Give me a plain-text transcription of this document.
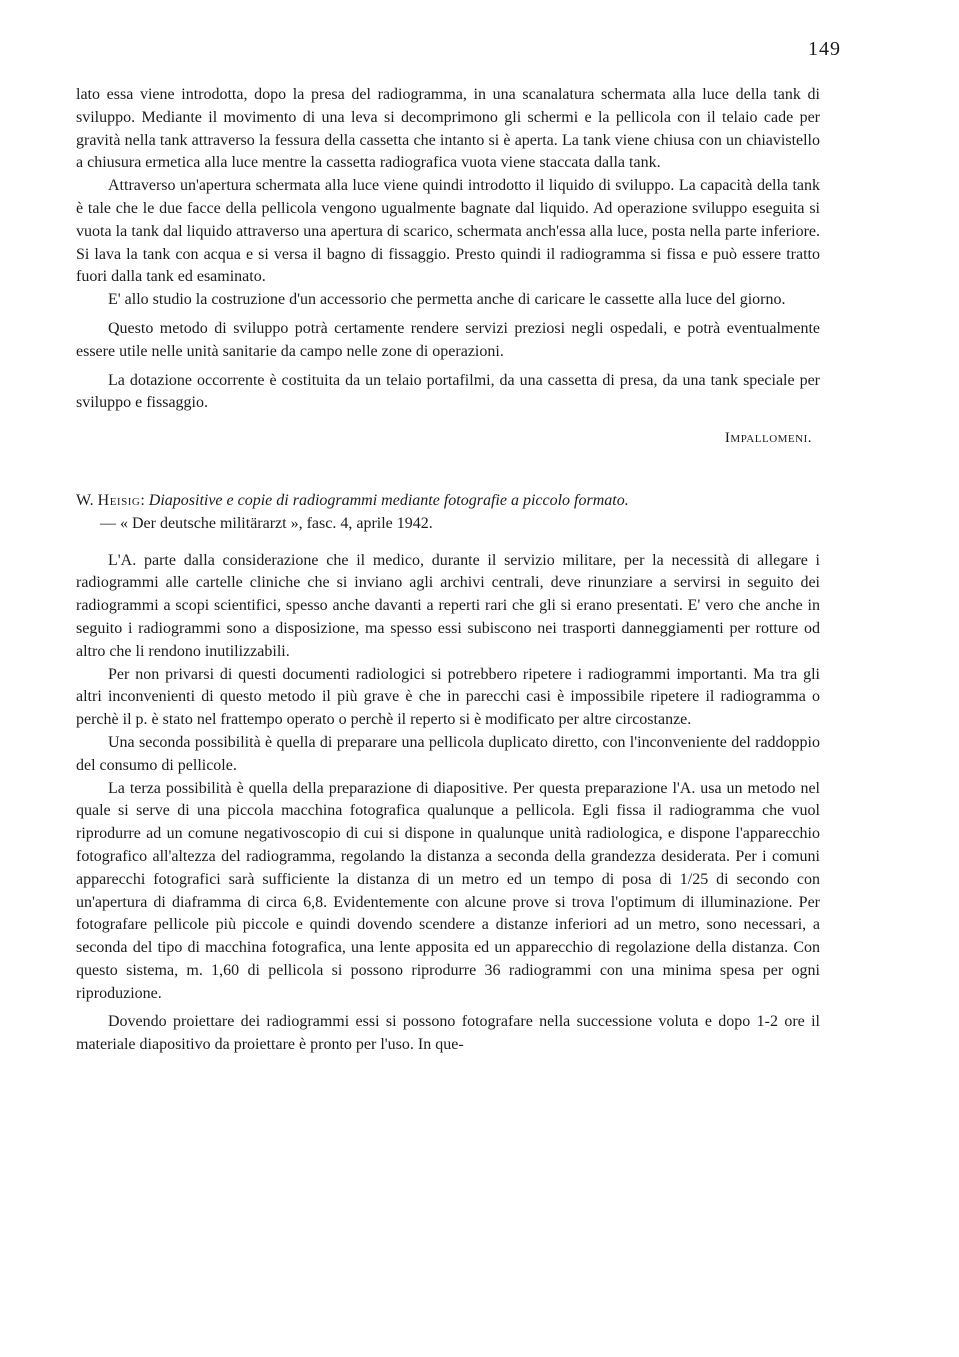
149

lato essa viene introdotta, dopo la presa del radiogramma, in una scanalatura schermata alla luce della tank di sviluppo. Mediante il movimento di una leva si decomprimono gli schermi e la pellicola con il telaio cade per gravità nella tank attraverso la fessura della cassetta che intanto si è aperta. La tank viene chiusa con un chiavistello a chiusura ermetica alla luce mentre la cassetta radiografica vuota viene staccata dalla tank.

Attraverso un'apertura schermata alla luce viene quindi introdotto il liquido di sviluppo. La capacità della tank è tale che le due facce della pellicola vengono ugualmente bagnate dal liquido. Ad operazione sviluppo eseguita si vuota la tank dal liquido attraverso una apertura di scarico, schermata anch'essa alla luce, posta nella parte inferiore. Si lava la tank con acqua e si versa il bagno di fissaggio. Presto quindi il radiogramma si fissa e può essere tratto fuori dalla tank ed esaminato.

E' allo studio la costruzione d'un accessorio che permetta anche di caricare le cassette alla luce del giorno.

Questo metodo di sviluppo potrà certamente rendere servizi preziosi negli ospedali, e potrà eventualmente essere utile nelle unità sanitarie da campo nelle zone di operazioni.

La dotazione occorrente è costituita da un telaio portafilmi, da una cassetta di presa, da una tank speciale per sviluppo e fissaggio.

Impallomeni.

W. Heisig: Diapositive e copie di radiogrammi mediante fotografie a piccolo formato.

— « Der deutsche militärarzt », fasc. 4, aprile 1942.

L'A. parte dalla considerazione che il medico, durante il servizio militare, per la necessità di allegare i radiogrammi alle cartelle cliniche che si inviano agli archivi centrali, deve rinunziare a servirsi in seguito dei radiogrammi a scopi scientifici, spesso anche davanti a reperti rari che gli si erano presentati. E' vero che anche in seguito i radiogrammi sono a disposizione, ma spesso essi subiscono nei trasporti danneggiamenti per rotture od altro che li rendono inutilizzabili.

Per non privarsi di questi documenti radiologici si potrebbero ripetere i radiogrammi importanti. Ma tra gli altri inconvenienti di questo metodo il più grave è che in parecchi casi è impossibile ripetere il radiogramma o perchè il p. è stato nel frattempo operato o perchè il reperto si è modificato per altre circostanze.

Una seconda possibilità è quella di preparare una pellicola duplicato diretto, con l'inconveniente del raddoppio del consumo di pellicole.

La terza possibilità è quella della preparazione di diapositive. Per questa preparazione l'A. usa un metodo nel quale si serve di una piccola macchina fotografica qualunque a pellicola. Egli fissa il radiogramma che vuol riprodurre ad un comune negativoscopio di cui si dispone in qualunque unità radiologica, e dispone l'apparecchio fotografico all'altezza del radiogramma, regolando la distanza a seconda della grandezza desiderata. Per i comuni apparecchi fotografici sarà sufficiente la distanza di un metro ed un tempo di posa di 1/25 di secondo con un'apertura di diaframma di circa 6,8. Evidentemente con alcune prove si trova l'optimum di illuminazione. Per fotografare pellicole più piccole e quindi dovendo scendere a distanze inferiori ad un metro, sono necessari, a seconda del tipo di macchina fotografica, una lente apposita ed un apparecchio di regolazione della distanza. Con questo sistema, m. 1,60 di pellicola si possono riprodurre 36 radiogrammi con una minima spesa per ogni riproduzione.

Dovendo proiettare dei radiogrammi essi si possono fotografare nella successione voluta e dopo 1-2 ore il materiale diapositivo da proiettare è pronto per l'uso. In que-
